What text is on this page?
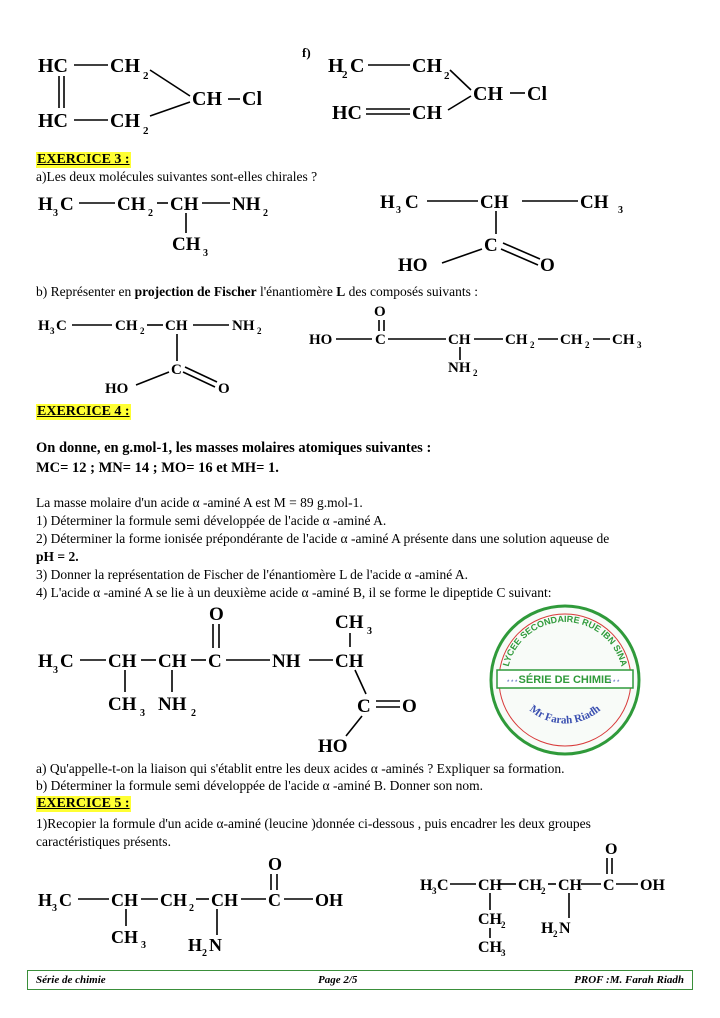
HC CH 2
HC CH 2
CH Cl
f)
H
2 C CH 2
HC	CH
CH Cl
H 3 C CH 2 CH NH 2
CH 3
H 3 C	CH	CH 3
C
O
HO
H 3 C	CH 2 CH	NH 2
C
HO	O
O
HO	C	CH CH 2 CH 2 CH 3
NH 2
O
H 3 C CH CH C	NH CH
CH 3
CH 3 NH 2	C O
HO
O
H 3 C CH CH 2 CH C OH
CH 3 H 2 N
O
H 3 C CH CH 2 CH C OH
CH 2
CH 3
H 2 N
EXERCICE 3 :
a)Les deux molécules suivantes sont-elles chirales ?
b) Représenter en projection de Fischer l'énantiomère L des composés suivants :
EXERCICE 4 :
On donne, en g.mol-1, les masses molaires atomiques suivantes :
MC= 12 ; MN= 14 ; MO= 16 et MH= 1.
La masse molaire d'un acide α -aminé A est M = 89 g.mol-1.
1) Déterminer la formule semi développée de l'acide α -aminé A.
2) Déterminer la forme ionisée prépondérante de l'acide α -aminé A présente dans une solution aqueuse de
pH = 2.
3) Donner la représentation de Fischer de l'énantiomère L de l'acide α -aminé A.
4) L'acide α -aminé A se lie à un deuxième acide α -aminé B, il se forme le dipeptide C suivant:
a) Qu'appelle-t-on la liaison qui s'établit entre les deux acides α -aminés ? Expliquer sa formation.
b) Déterminer la formule semi développée de l'acide α -aminé B. Donner son nom.
LYCEE SECONDAIRE RUE IBN SINA
SÉRIE DE CHIMIE
* * *	* * *
Mr Farah Riadh
EXERCICE 5 :
1)Recopier la formule d'un acide α-aminé (leucine )donnée ci-dessous , puis encadrer les deux groupes
caractéristiques présents.
Série de chimie	Page 2/5	PROF :M. Farah Riadh
